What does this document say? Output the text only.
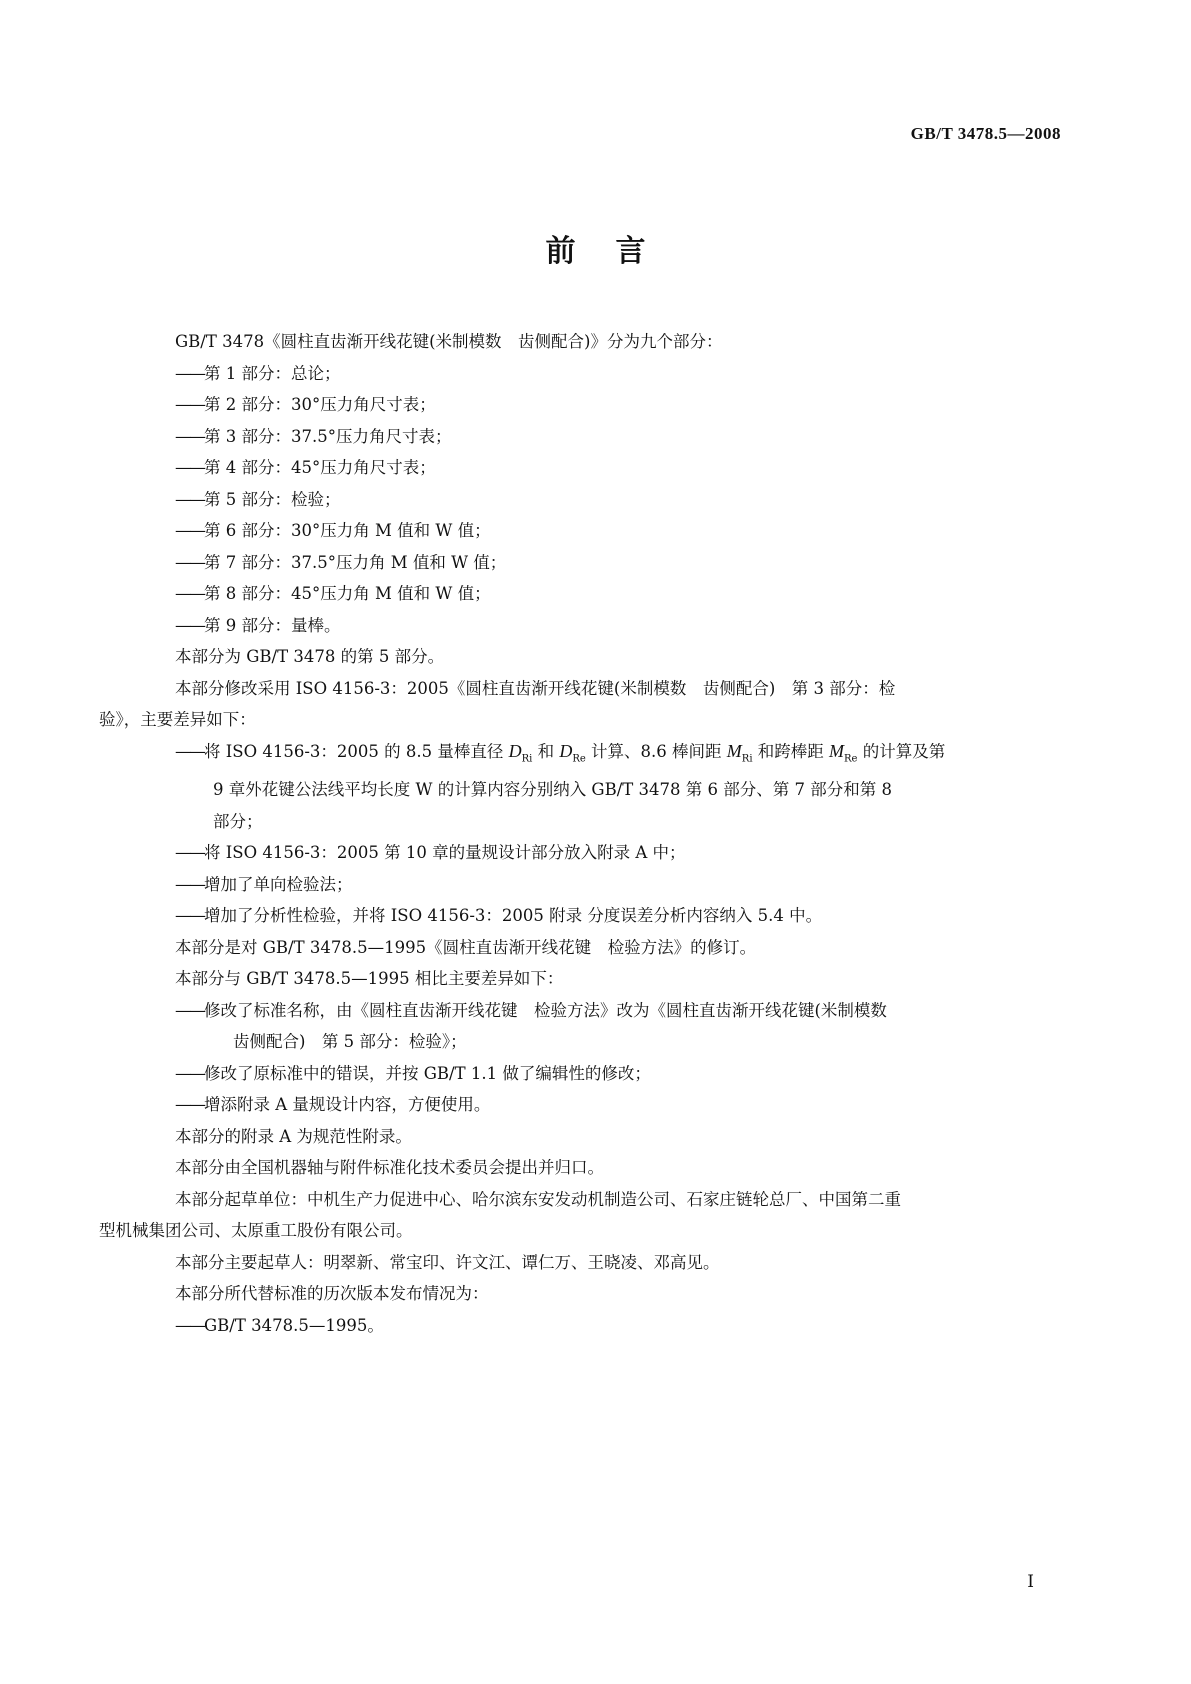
GB/T 3478.5—2008
前言

GB/T 3478《圆柱直齿渐开线花键(米制模数　齿侧配合)》分为九个部分：

——第 1 部分：总论；

——第 2 部分：30°压力角尺寸表；

——第 3 部分：37.5°压力角尺寸表；

——第 4 部分：45°压力角尺寸表；

——第 5 部分：检验；

——第 6 部分：30°压力角 M 值和 W 值；

——第 7 部分：37.5°压力角 M 值和 W 值；

——第 8 部分：45°压力角 M 值和 W 值；

——第 9 部分：量棒。

本部分为 GB/T 3478 的第 5 部分。

本部分修改采用 ISO 4156-3：2005《圆柱直齿渐开线花键(米制模数　齿侧配合)　第 3 部分：检
验》，主要差异如下：

——将 ISO 4156-3：2005 的 8.5 量棒直径 $D_{Ri}$ 和 $D_{Re}$ 计算、8.6 棒间距 $M_{Ri}$ 和跨棒距 $M_{Re}$ 的计算及第
9 章外花键公法线平均长度 W 的计算内容分别纳入 GB/T 3478 第 6 部分、第 7 部分和第 8
部分；

——将 ISO 4156-3：2005 第 10 章的量规设计部分放入附录 A 中；

——增加了单向检验法；

——增加了分析性检验，并将 ISO 4156-3：2005 附录 分度误差分析内容纳入 5.4 中。

本部分是对 GB/T 3478.5—1995《圆柱直齿渐开线花键　检验方法》的修订。

本部分与 GB/T 3478.5—1995 相比主要差异如下：

——修改了标准名称，由《圆柱直齿渐开线花键　检验方法》改为《圆柱直齿渐开线花键(米制模数
齿侧配合)　第 5 部分：检验》；

——修改了原标准中的错误，并按 GB/T 1.1 做了编辑性的修改；

——增添附录 A 量规设计内容，方便使用。

本部分的附录 A 为规范性附录。

本部分由全国机器轴与附件标准化技术委员会提出并归口。

本部分起草单位：中机生产力促进中心、哈尔滨东安发动机制造公司、石家庄链轮总厂、中国第二重
型机械集团公司、太原重工股份有限公司。

本部分主要起草人：明翠新、常宝印、许文江、谭仁万、王晓凌、邓高见。

本部分所代替标准的历次版本发布情况为：

——GB/T 3478.5—1995。

I
